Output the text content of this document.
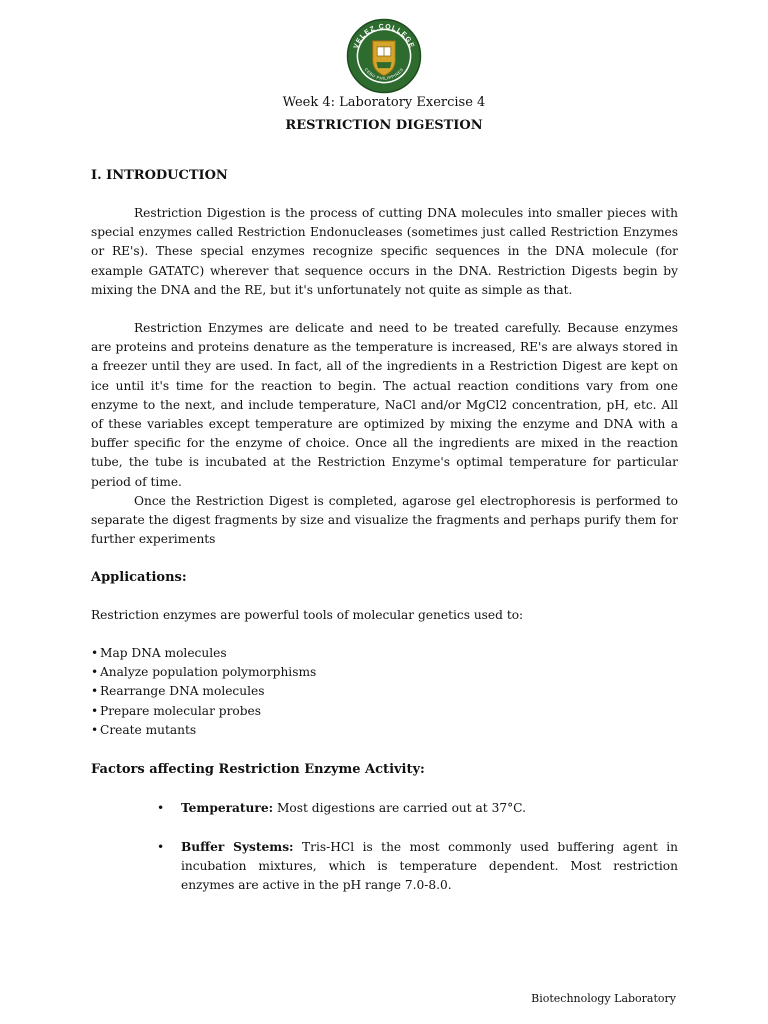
VELEZ COLLEGE
CEBU PHILIPPINES
Week 4: Laboratory Exercise 4
RESTRICTION DIGESTION
I. INTRODUCTION

Restriction Digestion is the process of cutting DNA molecules into smaller pieces with special enzymes called Restriction Endonucleases (sometimes just called Restriction Enzymes or RE's). These special enzymes recognize specific sequences in the DNA molecule (for example GATATC) wherever that sequence occurs in the DNA. Restriction Digests begin by mixing the DNA and the RE, but it's unfortunately not quite as simple as that.

Restriction Enzymes are delicate and need to be treated carefully. Because enzymes are proteins and proteins denature as the temperature is increased, RE's are always stored in a freezer until they are used. In fact, all of the ingredients in a Restriction Digest are kept on ice until it's time for the reaction to begin. The actual reaction conditions vary from one enzyme to the next, and include temperature, NaCl and/or MgCl2 concentration, pH, etc. All of these variables except temperature are optimized by mixing the enzyme and DNA with a buffer specific for the enzyme of choice. Once all the ingredients are mixed in the reaction tube, the tube is incubated at the Restriction Enzyme's optimal temperature for particular period of time.

Once the Restriction Digest is completed, agarose gel electrophoresis is performed to separate the digest fragments by size and visualize the fragments and perhaps purify them for further experiments

Applications:

Restriction enzymes are powerful tools of molecular genetics used to:

• Map DNA molecules
• Analyze population polymorphisms
• Rearrange DNA molecules
• Prepare molecular probes
• Create mutants
Factors affecting Restriction Enzyme Activity:
• Temperature: Most digestions are carried out at 37°C.
• Buffer Systems: Tris-HCl is the most commonly used buffering agent in incubation mixtures, which is temperature dependent. Most restriction enzymes are active in the pH range 7.0-8.0.
Biotechnology Laboratory
